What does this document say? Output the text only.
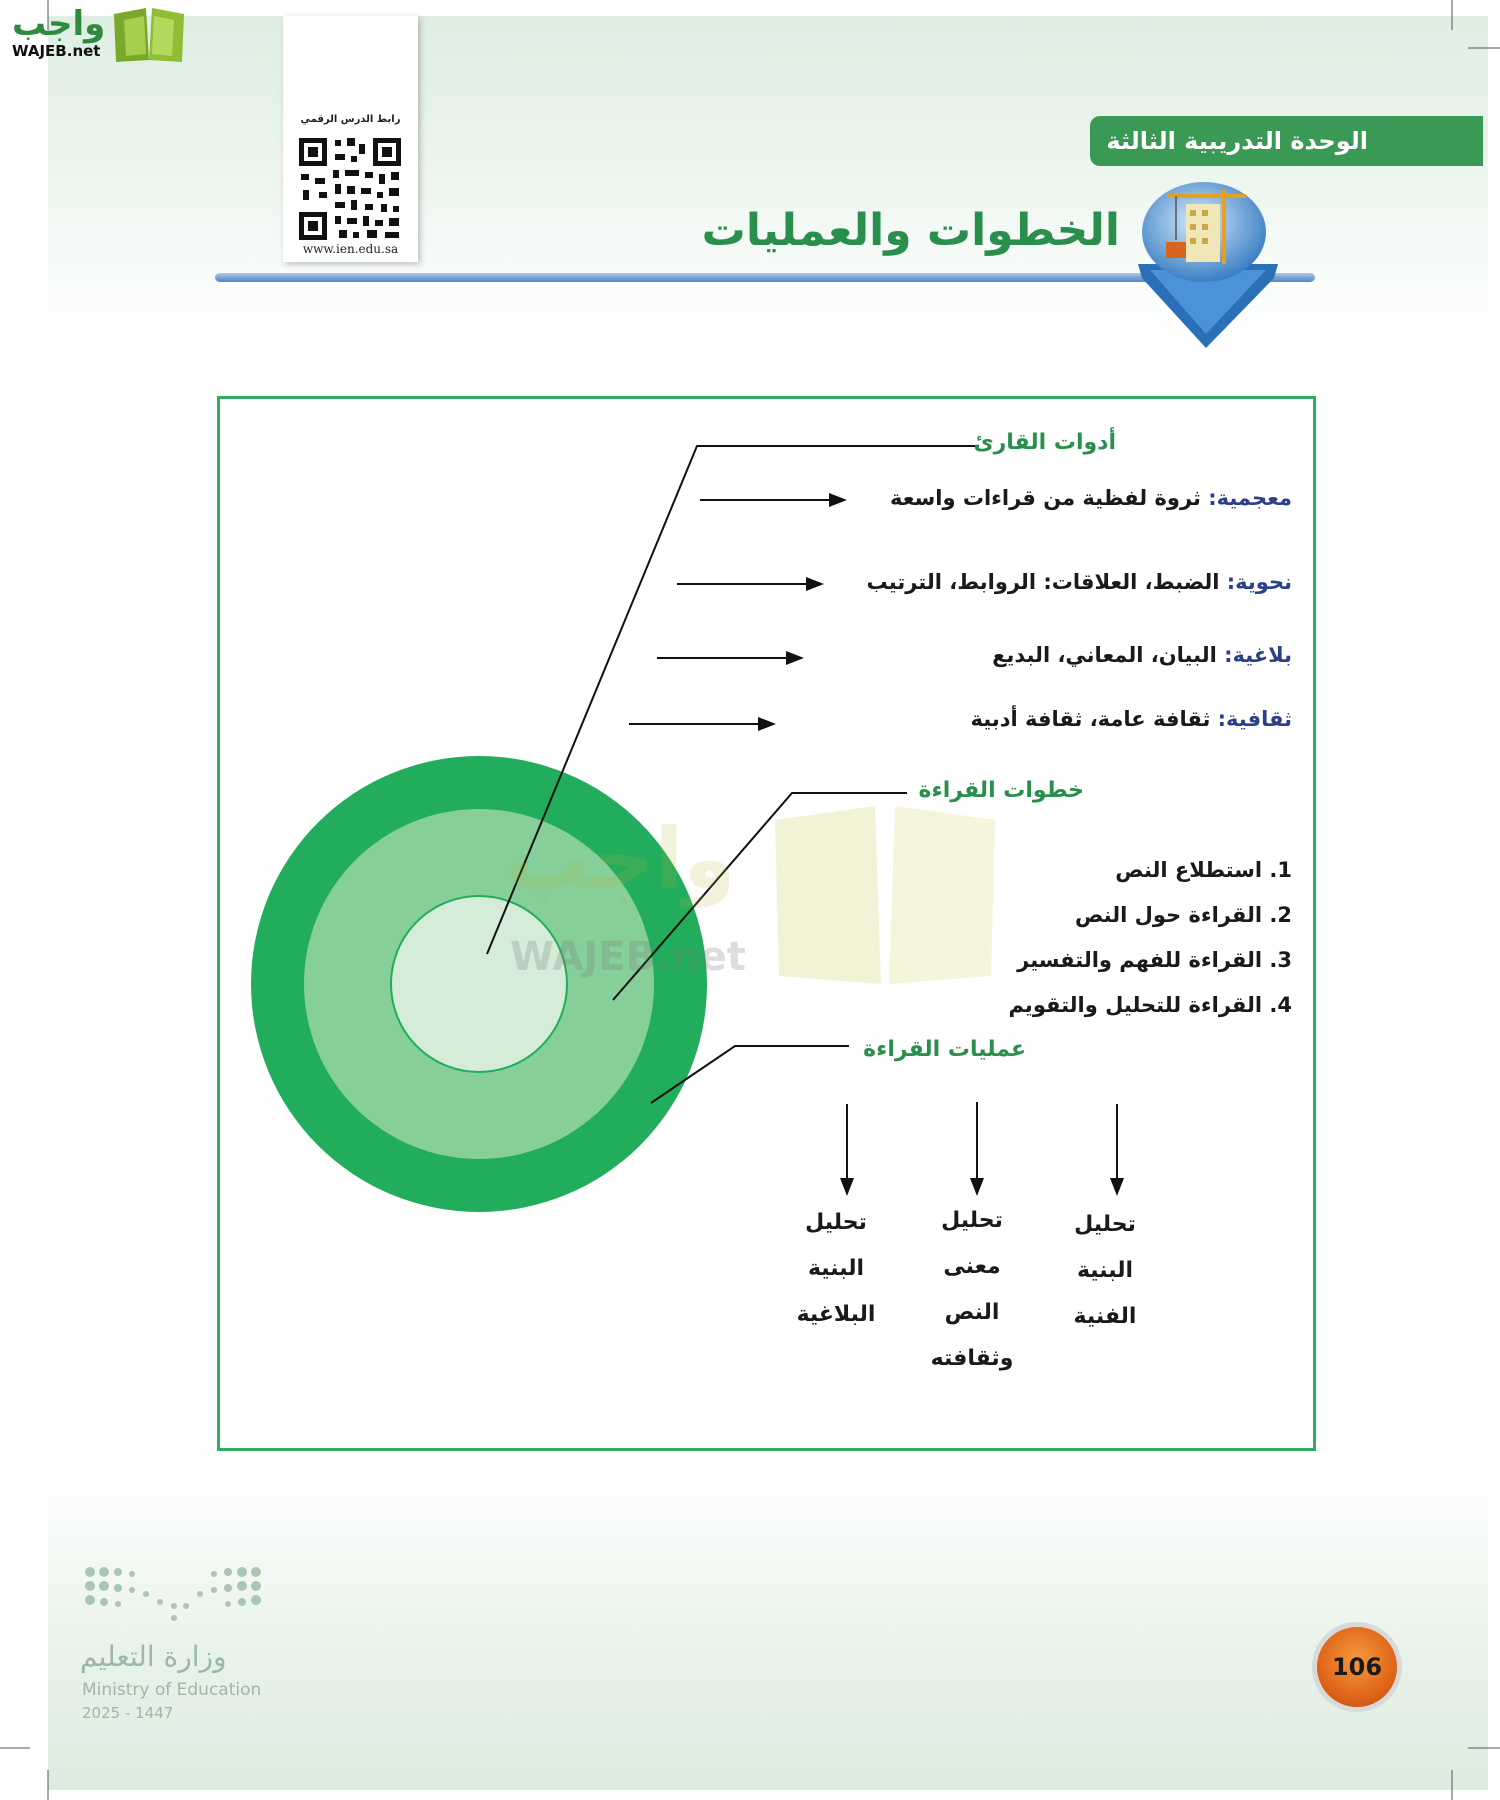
واجب
WAJEB.net
رابط الدرس الرقمي
www.ien.edu.sa
الوحدة التدريبية الثالثة
الخطوات والعمليات
واجب
WAJEB.net
أدوات القارئ
معجمية: ثروة لفظية من قراءات واسعة
نحوية: الضبط، العلاقات: الروابط، الترتيب
بلاغية: البيان، المعاني، البديع
ثقافية: ثقافة عامة، ثقافة أدبية
خطوات القراءة
1. استطلاع النص
2. القراءة حول النص
3. القراءة للفهم والتفسير
4. القراءة للتحليل والتقويم
عمليات القراءة
تحليل
البنية
الفنية
تحليل
معنى
النص
وثقافته
تحليل
البنية
البلاغية
وزارة التعليم
Ministry of Education
2025 - 1447
106
